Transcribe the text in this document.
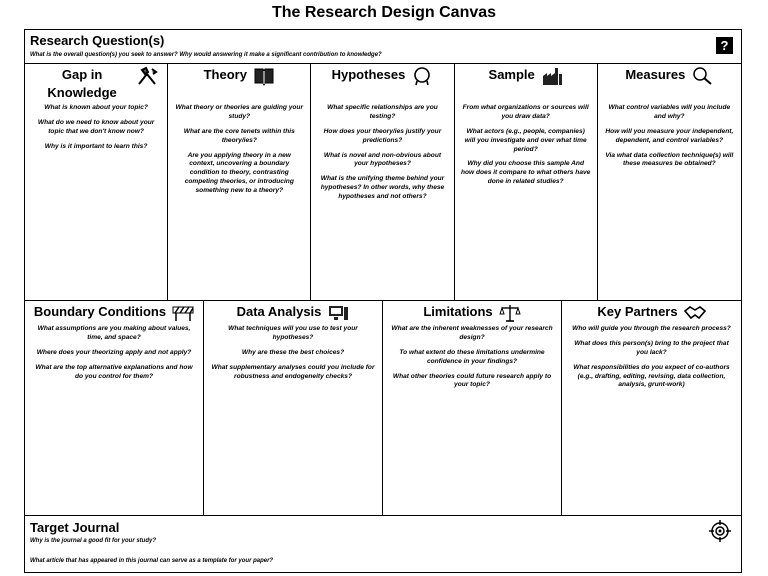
The Research Design Canvas
Research Question(s)
What is the overall question(s) you seek to answer? Why would answering it make a significant contribution to knowledge?
?
Gap in Knowledge
What is known about your topic?
What do we need to know about your topic that we don't know now?
Why is it important to learn this?
Theory
What theory or theories are guiding your study?
What are the core tenets within this theory/ies?
Are you applying theory in a new context, uncovering a boundary condition to theory, contrasting competing theories, or introducing something new to a theory?
Hypotheses
What specific relationships are you testing?
How does your theory/ies justify your predictions?
What is novel and non-obvious about your hypotheses?
What is the unifying theme behind your hypotheses? In other words, why these hypotheses and not others?
Sample
From what organizations or sources will you draw data?
What actors (e.g., people, companies) will you investigate and over what time period?
Why did you choose this sample And how does it compare to what others have done in related studies?
Measures
What control variables will you include and why?
How will you measure your independent, dependent, and control variables?
Via what data collection technique(s) will these measures be obtained?
Boundary Conditions
What assumptions are you making about values, time, and space?
Where does your theorizing apply and not apply?
What are the top alternative explanations and how do you control for them?
Data Analysis
What techniques will you use to test your hypotheses?
Why are these the best choices?
What supplementary analyses could you include for robustness and endogeneity checks?
Limitations
What are the inherent weaknesses of your research design?
To what extent do these limitations undermine confidence in your findings?
What other theories could future research apply to your topic?
Key Partners
Who will guide you through the research process?
What does this person(s) bring to the project that you lack?
What responsibilities do you expect of co-authors (e.g., drafting, editing, revising, data collection, analysis, grunt-work)
Target Journal
Why is the journal a good fit for your study?
What article that has appeared in this journal can serve as a template for your paper?
